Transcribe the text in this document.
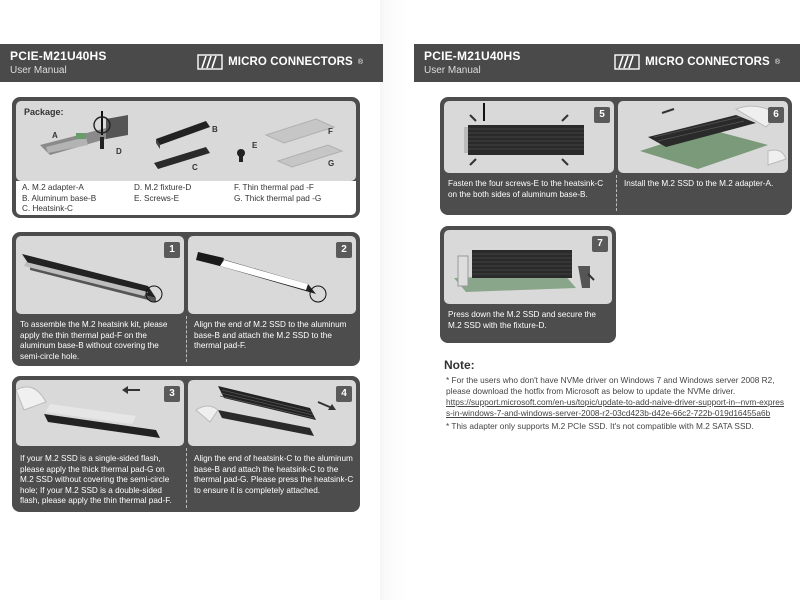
PCIE-M21U40HS
User Manual
MICRO CONNECTORS ®
Package:
A
B
C
D
E
F
G
A. M.2 adapter-A
B. Aluminum base-B
C. Heatsink-C
D. M.2 fixture-D
E. Screws-E
F. Thin thermal pad -F
G. Thick thermal pad -G
1	2
To assemble the M.2 heatsink kit, please apply the thin thermal pad-F on the aluminum base-B without covering the semi-circle hole.
Align the end of M.2 SSD to the aluminum base-B and attach the M.2 SSD to the thermal pad-F.
3	4
If your M.2 SSD is a single-sided flash, please apply the thick thermal pad-G on M.2 SSD without covering the semi-circle hole; If your M.2 SSD is a double-sided flash, please apply the thin thermal pad-F.
Align the end of heatsink-C to the aluminum base-B and attach the heatsink-C to the thermal pad-G. Please press the heatsink-C to ensure it is completely attached.
PCIE-M21U40HS
User Manual
MICRO CONNECTORS ®
5	6
Fasten the four screws-E to the heatsink-C on the both sides of aluminum base-B.
Install the M.2 SSD to the M.2 adapter-A.
7
Press down the M.2 SSD and secure the M.2 SSD with the fixture-D.
Note:
* For the users who don't have NVMe driver on Windows 7 and Windows server 2008 R2, please download the hotfix from Microsoft as below to update the NVMe driver.
https://support.microsoft.com/en-us/topic/update-to-add-naive-driver-support-in--nvm-express-in-windows-7-and-windows-server-2008-r2-03cd423b-d42e-66c2-722b-019d16455a6b
* This adapter only supports M.2 PCIe SSD. It's not compatible with M.2 SATA SSD.
